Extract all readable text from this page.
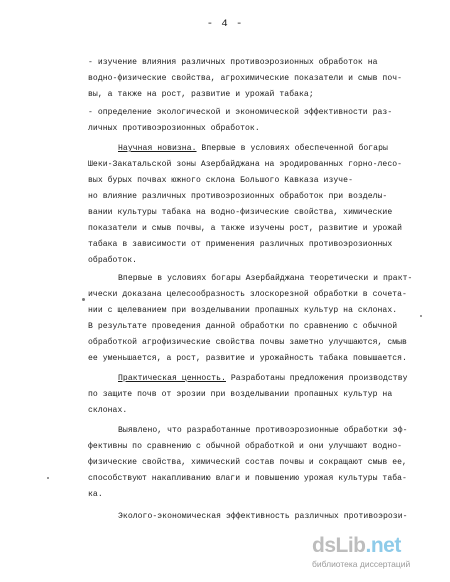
- 4 -
- изучение влияния различных противоэрозионных обработок на
водно-физические свойства, агрохимические показатели и смыв поч-
вы, а также на рост, развитие и урожай табака;
- определение экологической и экономической эффективности раз-
личных противоэрозионных обработок.
Научная новизна. Впервые в условиях обеспеченной богары
Шеки-Закатальской зоны Азербайджана на эродированных горно-лесо-
вых бурых почвах южного склона Большого Кавказа изуче-
но влияние различных противоэрозионных обработок при возделы-
вании культуры табака на водно-физические свойства, химические
показатели и смыв почвы, а также изучены рост, развитие и урожай
табака в зависимости от применения различных противоэрозионных
обработок.
Впервые в условиях богары Азербайджана теоретически и практ-
ически доказана целесообразность злоскорезной обработки в сочета-
нии с щелеванием при возделывании пропашных культур на склонах.
В результате проведения данной обработки по сравнению с обычной
обработкой агрофизические свойства почвы заметно улучшаются, смыв
ее уменьшается, а рост, развитие и урожайность табака повышается.
Практическая ценность. Разработаны предложения производству
по защите почв от эрозии при возделывании пропашных культур на
склонах.
Выявлено, что разработанные противоэрозионные обработки эф-
фективны по сравнению с обычной обработкой и они улучшают водно-
физические свойства, химический состав почвы и сокращают смыв ее,
способствуют накапливанию влаги и повышению урожая культуры таба-
ка.
Эколого-экономическая эффективность различных противоэрози-
dsLib.net
библиотека диссертаций
